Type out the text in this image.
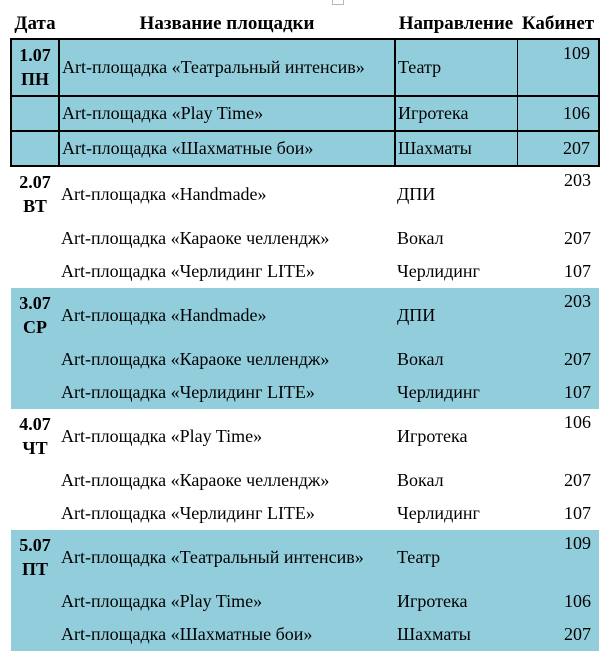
Дата	Название площадки	Направление	Кабинет

1.07
ПН	Art-площадка «Театральный интенсив»	Театр	109
	Art-площадка «Play Time»	Игротека	106
	Art-площадка «Шахматные бои»	Шахматы	207

2.07
ВТ	Art-площадка «Handmade»	ДПИ	203
	Art-площадка «Караоке челлендж»	Вокал	207
	Art-площадка «Черлидинг LITE»	Черлидинг	107

3.07
СР	Art-площадка «Handmade»	ДПИ	203
	Art-площадка «Караоке челлендж»	Вокал	207
	Art-площадка «Черлидинг LITE»	Черлидинг	107

4.07
ЧТ	Art-площадка «Play Time»	Игротека	106
	Art-площадка «Караоке челлендж»	Вокал	207
	Art-площадка «Черлидинг LITE»	Черлидинг	107

5.07
ПТ	Art-площадка «Театральный интенсив»	Театр	109
	Art-площадка «Play Time»	Игротека	106
	Art-площадка «Шахматные бои»	Шахматы	207
